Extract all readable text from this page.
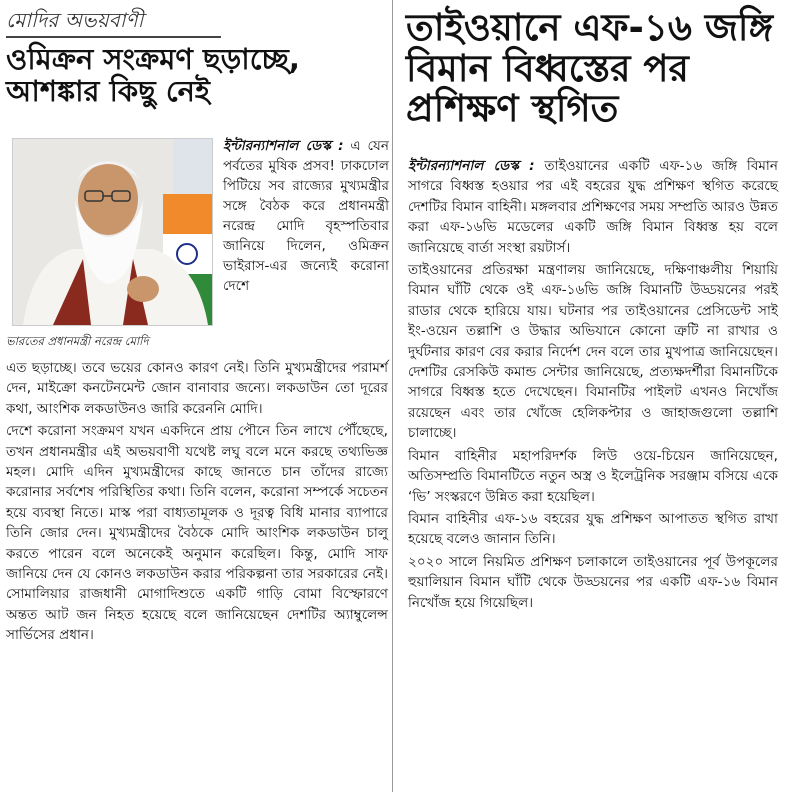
মোদির অভয়বাণী
ওমিক্রন সংক্রমণ ছড়াচ্ছে, আশঙ্কার কিছু নেই
ভারতের প্রধানমন্ত্রী নরেন্দ্র মোদি

ইন্টারন্যাশনাল ডেস্ক : এ যেন পর্বতের মুষিক প্রসব! ঢাকঢোল পিটিয়ে সব রাজ্যের মুখ্যমন্ত্রীর সঙ্গে বৈঠক করে প্রধানমন্ত্রী নরেন্দ্র মোদি বৃহস্পতিবার জানিয়ে দিলেন, ওমিক্রন ভাইরাস-এর জন্যেই করোনা দেশে

এত ছড়াচ্ছে। তবে ভয়ের কোনও কারণ নেই। তিনি মুখ্যমন্ত্রীদের পরামর্শ দেন, মাইক্রো কনটেনমেন্ট জোন বানাবার জন্যে। লকডাউন তো দূরের কথা, আংশিক লকডাউনও জারি করেননি মোদি।

দেশে করোনা সংক্রমণ যখন একদিনে প্রায় পৌনে তিন লাখে পৌঁছেছে, তখন প্রধানমন্ত্রীর এই অভয়বাণী যথেষ্ট লঘু বলে মনে করছে তথ্যভিজ্ঞ মহল। মোদি এদিন মুখ্যমন্ত্রীদের কাছে জানতে চান তাঁদের রাজ্যে করোনার সর্বশেষ পরিস্থিতির কথা। তিনি বলেন, করোনা সম্পর্কে সচেতন হয়ে ব্যবস্থা নিতে। মাস্ক পরা বাধ্যতামূলক ও দূরত্ব বিধি মানার ব্যাপারে তিনি জোর দেন। মুখ্যমন্ত্রীদের বৈঠকে মোদি আংশিক লকডাউন চালু করতে পারেন বলে অনেকেই অনুমান করেছিল। কিন্তু, মোদি সাফ জানিয়ে দেন যে কোনও লকডাউন করার পরিকল্পনা তার সরকারের নেই। সোমালিয়ার রাজধানী মোগাদিশুতে একটি গাড়ি বোমা বিস্ফোরণে অন্তত আট জন নিহত হয়েছে বলে জানিয়েছেন দেশটির অ্যাম্বুলেন্স সার্ভিসের প্রধান।

তাইওয়ানে এফ-১৬ জঙ্গি বিমান বিধ্বস্তের পর প্রশিক্ষণ স্থগিত

ইন্টারন্যাশনাল ডেস্ক : তাইওয়ানের একটি এফ-১৬ জঙ্গি বিমান সাগরে বিধ্বস্ত হওয়ার পর এই বহরের যুদ্ধ প্রশিক্ষণ স্থগিত করেছে দেশটির বিমান বাহিনী। মঙ্গলবার প্রশিক্ষণের সময় সম্প্রতি আরও উন্নত করা এফ-১৬ভি মডেলের একটি জঙ্গি বিমান বিধ্বস্ত হয় বলে জানিয়েছে বার্তা সংস্থা রয়টার্স।

তাইওয়ানের প্রতিরক্ষা মন্ত্রণালয় জানিয়েছে, দক্ষিণাঞ্চলীয় শিয়ায়ি বিমান ঘাঁটি থেকে ওই এফ-১৬ভি জঙ্গি বিমানটি উড্ডয়নের পরই রাডার থেকে হারিয়ে যায়। ঘটনার পর তাইওয়ানের প্রেসিডেন্ট সাই ইং-ওয়েন তল্লাশি ও উদ্ধার অভিযানে কোনো ত্রুটি না রাখার ও দুর্ঘটনার কারণ বের করার নির্দেশ দেন বলে তার মুখপাত্র জানিয়েছেন। দেশটির রেসকিউ কমান্ড সেন্টার জানিয়েছে, প্রত্যক্ষদর্শীরা বিমানটিকে সাগরে বিধ্বস্ত হতে দেখেছেন। বিমানটির পাইলট এখনও নিখোঁজ রয়েছেন এবং তার খোঁজে হেলিকপ্টার ও জাহাজগুলো তল্লাশি চালাচ্ছে।

বিমান বাহিনীর মহাপরিদর্শক লিউ ওয়ে-চিয়েন জানিয়েছেন, অতিসম্প্রতি বিমানটিতে নতুন অস্ত্র ও ইলেট্রনিক সরঞ্জাম বসিয়ে একে ‘ভি’ সংস্করণে উন্নিত করা হয়েছিল।

বিমান বাহিনীর এফ-১৬ বহরের যুদ্ধ প্রশিক্ষণ আপাতত স্থগিত রাখা হয়েছে বলেও জানান তিনি।

২০২০ সালে নিয়মিত প্রশিক্ষণ চলাকালে তাইওয়ানের পূর্ব উপকূলের হুয়ালিয়ান বিমান ঘাঁটি থেকে উড্ডয়নের পর একটি এফ-১৬ বিমান নিখোঁজ হয়ে গিয়েছিল।
